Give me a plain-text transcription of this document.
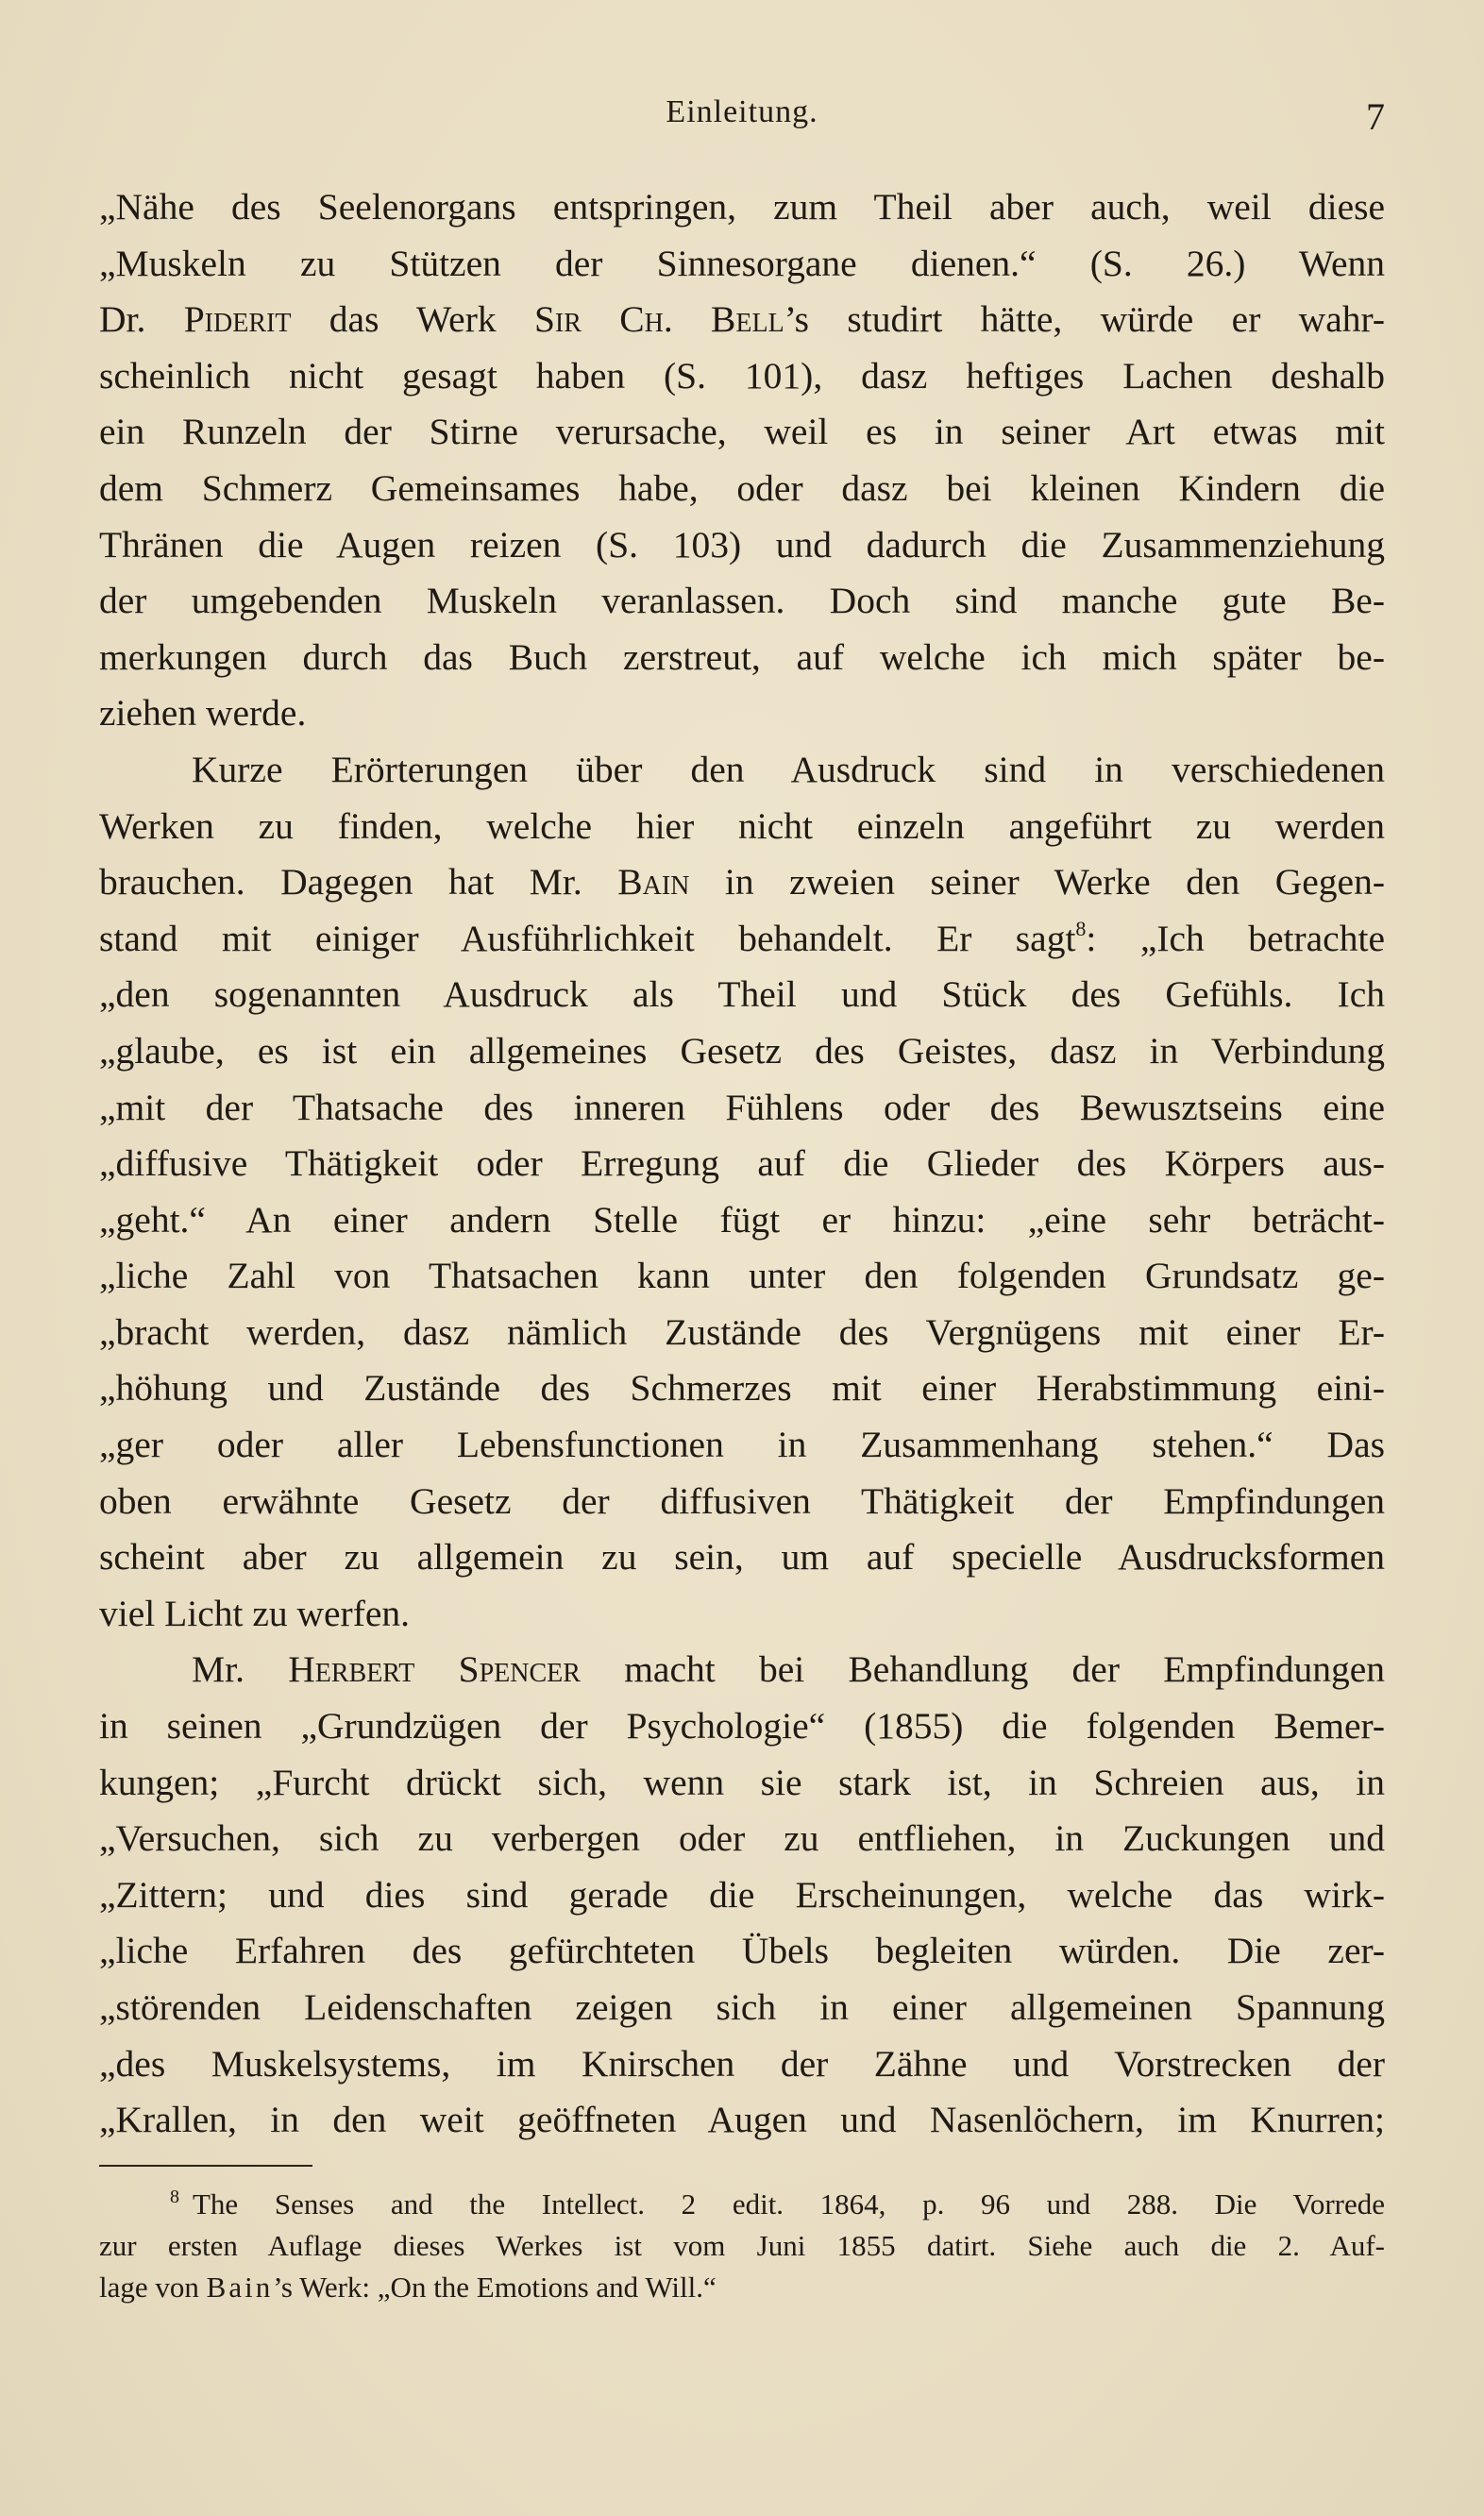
Einleitung.	7

„Nähe des Seelenorgans entspringen, zum Theil aber auch, weil diese
„Muskeln zu Stützen der Sinnesorgane dienen.“ (S. 26.) Wenn
Dr. Piderit das Werk Sir Ch. Bell’s studirt hätte, würde er wahr-
scheinlich nicht gesagt haben (S. 101), dasz heftiges Lachen deshalb
ein Runzeln der Stirne verursache, weil es in seiner Art etwas mit
dem Schmerz Gemeinsames habe, oder dasz bei kleinen Kindern die
Thränen die Augen reizen (S. 103) und dadurch die Zusammenziehung
der umgebenden Muskeln veranlassen. Doch sind manche gute Be-
merkungen durch das Buch zerstreut, auf welche ich mich später be-
ziehen werde.

Kurze Erörterungen über den Ausdruck sind in verschiedenen
Werken zu finden, welche hier nicht einzeln angeführt zu werden
brauchen. Dagegen hat Mr. Bain in zweien seiner Werke den Gegen-
stand mit einiger Ausführlichkeit behandelt. Er sagt$^8$: „Ich betrachte
„den sogenannten Ausdruck als Theil und Stück des Gefühls. Ich
„glaube, es ist ein allgemeines Gesetz des Geistes, dasz in Verbindung
„mit der Thatsache des inneren Fühlens oder des Bewusztseins eine
„diffusive Thätigkeit oder Erregung auf die Glieder des Körpers aus-
„geht.“ An einer andern Stelle fügt er hinzu: „eine sehr beträcht-
„liche Zahl von Thatsachen kann unter den folgenden Grundsatz ge-
„bracht werden, dasz nämlich Zustände des Vergnügens mit einer Er-
„höhung und Zustände des Schmerzes mit einer Herabstimmung eini-
„ger oder aller Lebensfunctionen in Zusammenhang stehen.“ Das
oben erwähnte Gesetz der diffusiven Thätigkeit der Empfindungen
scheint aber zu allgemein zu sein, um auf specielle Ausdrucksformen
viel Licht zu werfen.

Mr. Herbert Spencer macht bei Behandlung der Empfindungen
in seinen „Grundzügen der Psychologie“ (1855) die folgenden Bemer-
kungen; „Furcht drückt sich, wenn sie stark ist, in Schreien aus, in
„Versuchen, sich zu verbergen oder zu entfliehen, in Zuckungen und
„Zittern; und dies sind gerade die Erscheinungen, welche das wirk-
„liche Erfahren des gefürchteten Übels begleiten würden. Die zer-
„störenden Leidenschaften zeigen sich in einer allgemeinen Spannung
„des Muskelsystems, im Knirschen der Zähne und Vorstrecken der
„Krallen, in den weit geöffneten Augen und Nasenlöchern, im Knurren;

$^8$ The Senses and the Intellect. 2 edit. 1864, p. 96 und 288. Die Vorrede
zur ersten Auflage dieses Werkes ist vom Juni 1855 datirt. Siehe auch die 2. Auf-
lage von Bain’s Werk: „On the Emotions and Will.“
